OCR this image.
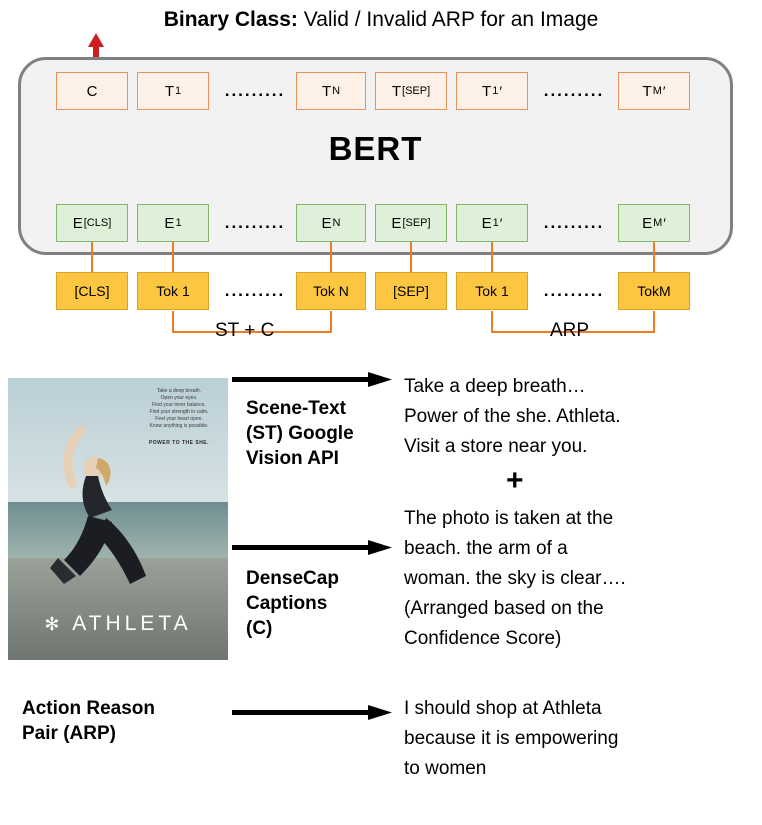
Binary Class: Valid / Invalid ARP for an Image
BERT
C	T 1	......... T N	T [SEP]	T 1 ′ .........	T M ′
E [CLS]	E 1	......... E N	E [SEP]	E 1 ′ .........	E M ′
[CLS]	Tok 1 ......... Tok N	[SEP]	Tok 1 ......... TokM
ST + C	ARP
Take a deep breath.
Open your eyes.
Find your inner balance.
Find your strength in calm.
Feel your heart open.
Know anything is possible.
POWER TO THE SHE.
✻ ATHLETA
Scene-Text
(ST) Google
Vision API
DenseCap
Captions
(C)
Action Reason
Pair (ARP)
Take a deep breath…
Power of the she. Athleta.
Visit a store near you.
+
The photo is taken at the
beach. the arm of a
woman. the sky is clear….
(Arranged based on the
Confidence Score)
I should shop at Athleta
because it is empowering
to women
